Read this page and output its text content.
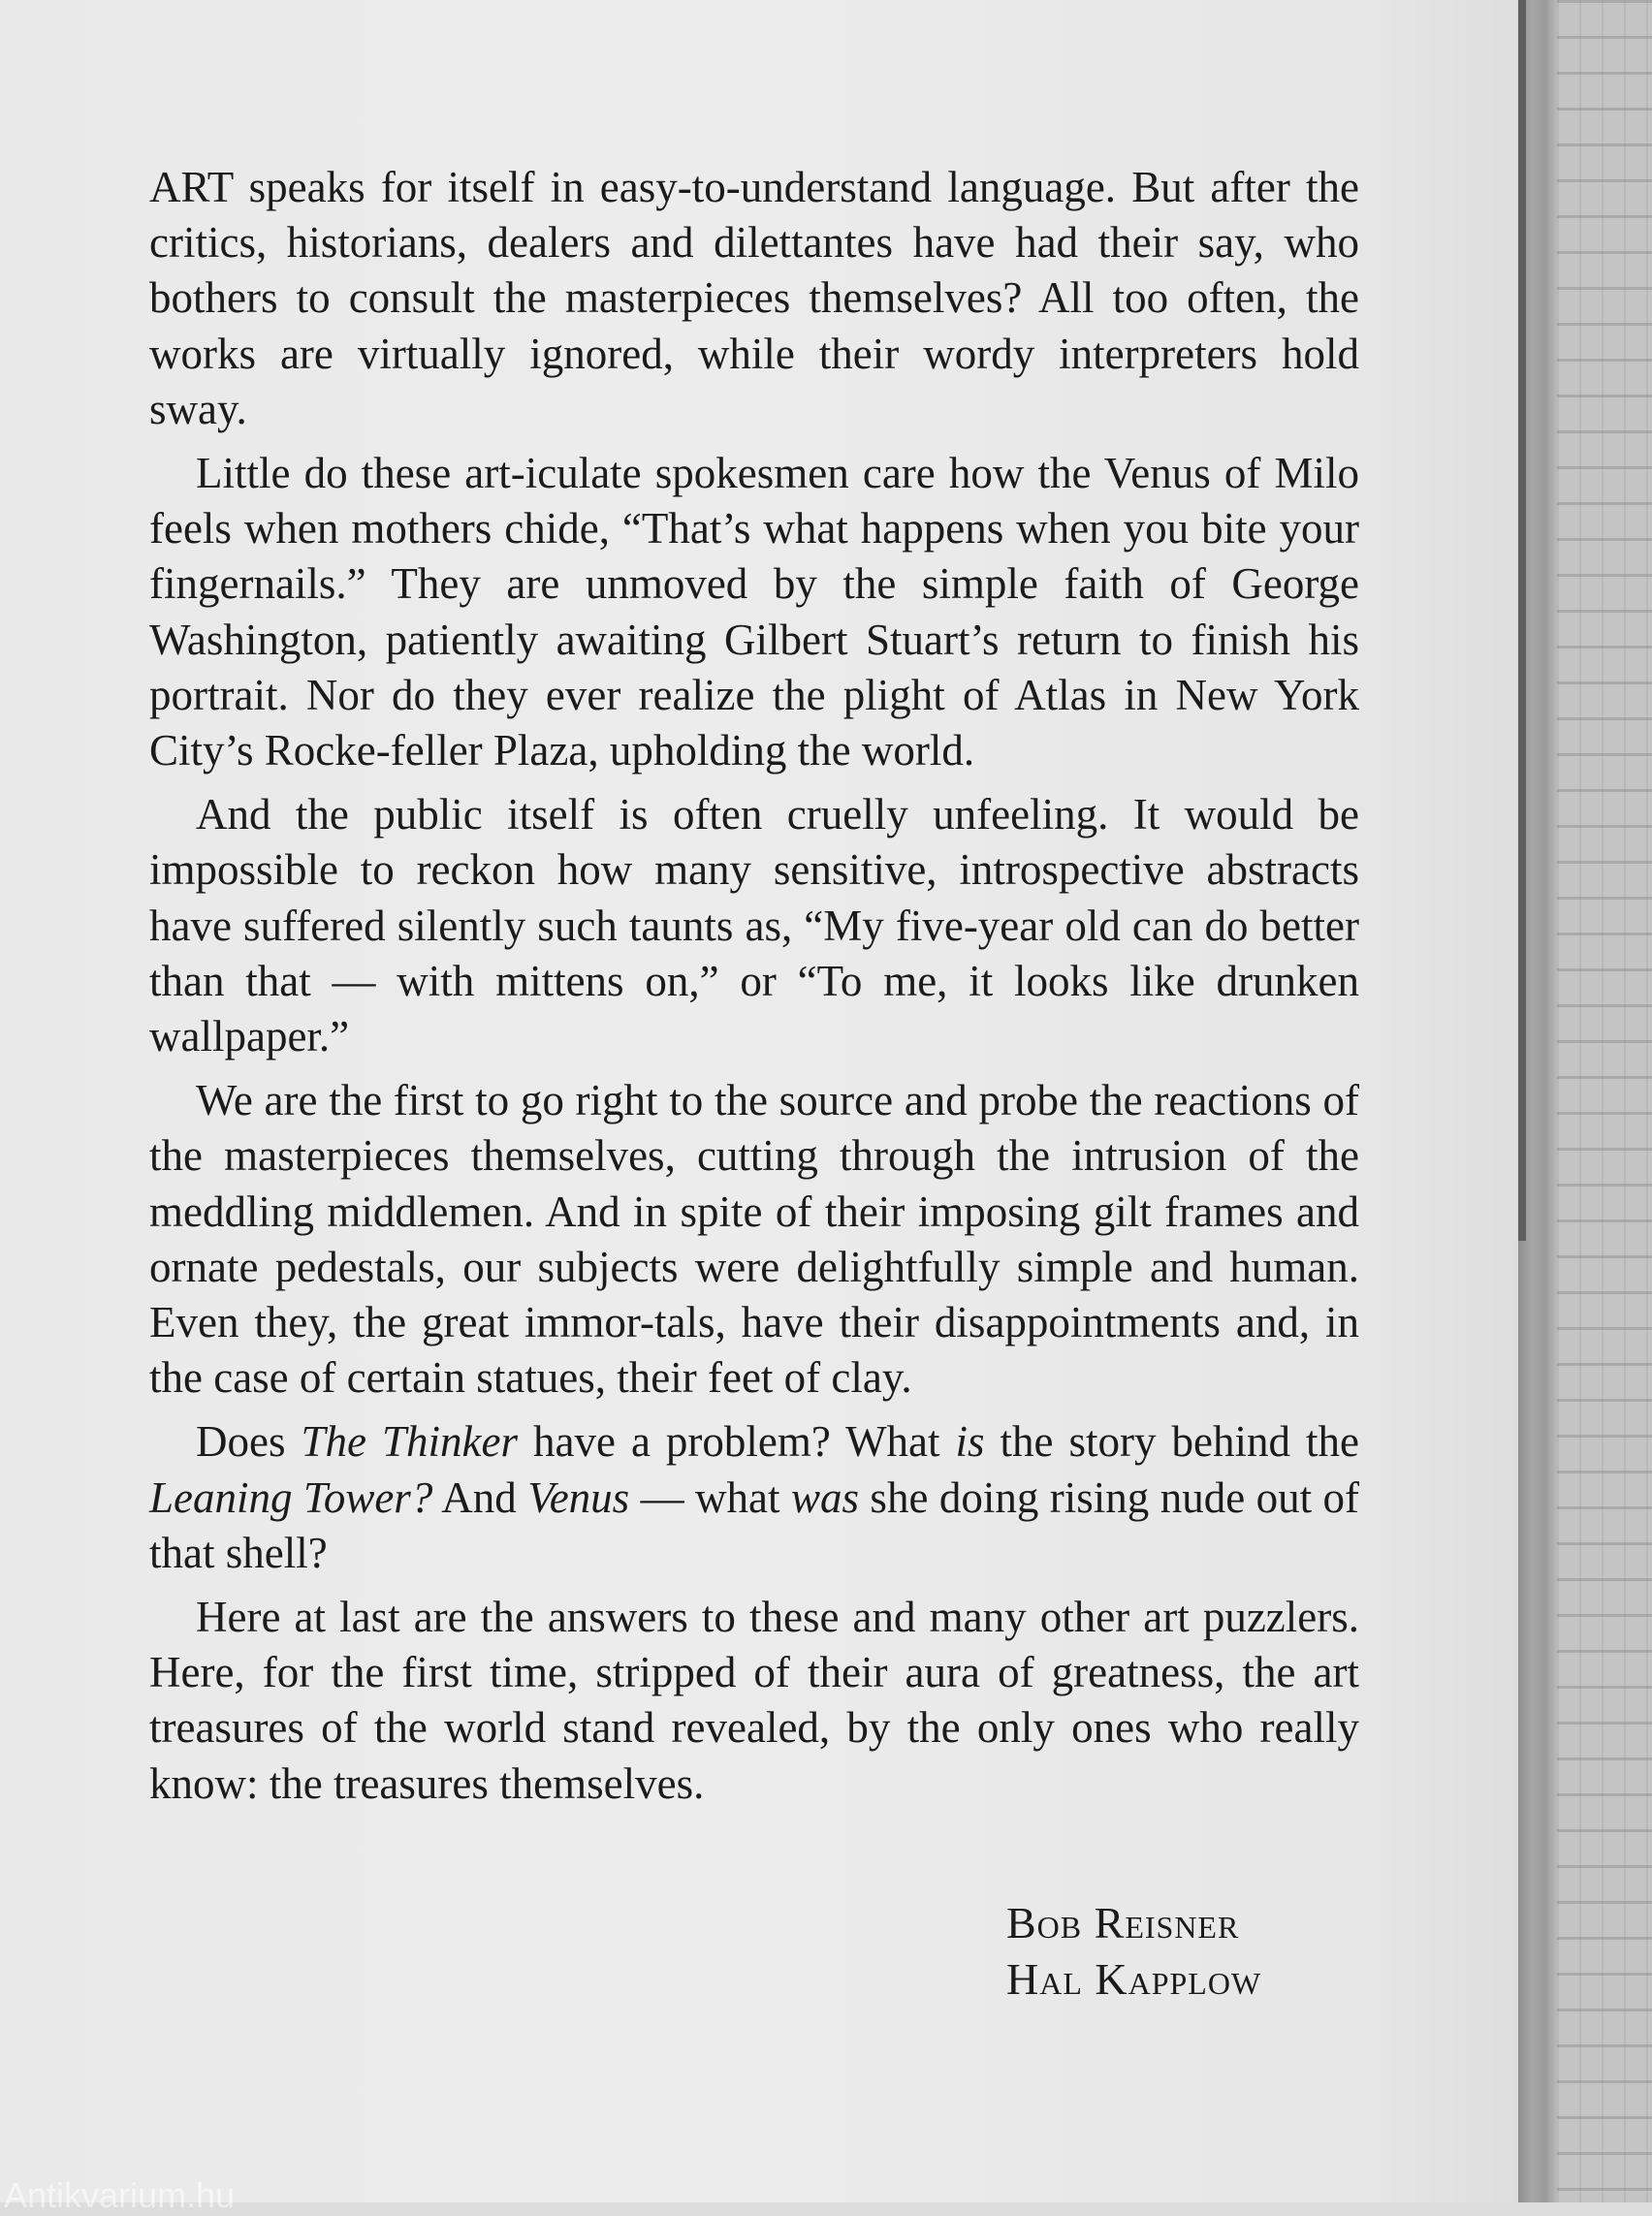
ART speaks for itself in easy-to-understand language. But after the critics, historians, dealers and dilettantes have had their say, who bothers to consult the masterpieces themselves? All too often, the works are virtually ignored, while their wordy interpreters hold sway.

Little do these art-iculate spokesmen care how the Venus of Milo feels when mothers chide, “That’s what happens when you bite your fingernails.” They are unmoved by the simple faith of George Washington, patiently awaiting Gilbert Stuart’s return to finish his portrait. Nor do they ever realize the plight of Atlas in New York City’s Rocke-feller Plaza, upholding the world.

And the public itself is often cruelly unfeeling. It would be impossible to reckon how many sensitive, introspective abstracts have suffered silently such taunts as, “My five-year old can do better than that — with mittens on,” or “To me, it looks like drunken wallpaper.”

We are the first to go right to the source and probe the reactions of the masterpieces themselves, cutting through the intrusion of the meddling middlemen. And in spite of their imposing gilt frames and ornate pedestals, our subjects were delightfully simple and human. Even they, the great immor-tals, have their disappointments and, in the case of certain statues, their feet of clay.

Does The Thinker have a problem? What is the story behind the Leaning Tower? And Venus — what was she doing rising nude out of that shell?

Here at last are the answers to these and many other art puzzlers. Here, for the first time, stripped of their aura of greatness, the art treasures of the world stand revealed, by the only ones who really know: the treasures themselves.

Bob Reisner
Hal Kapplow
Antikvarium.hu
